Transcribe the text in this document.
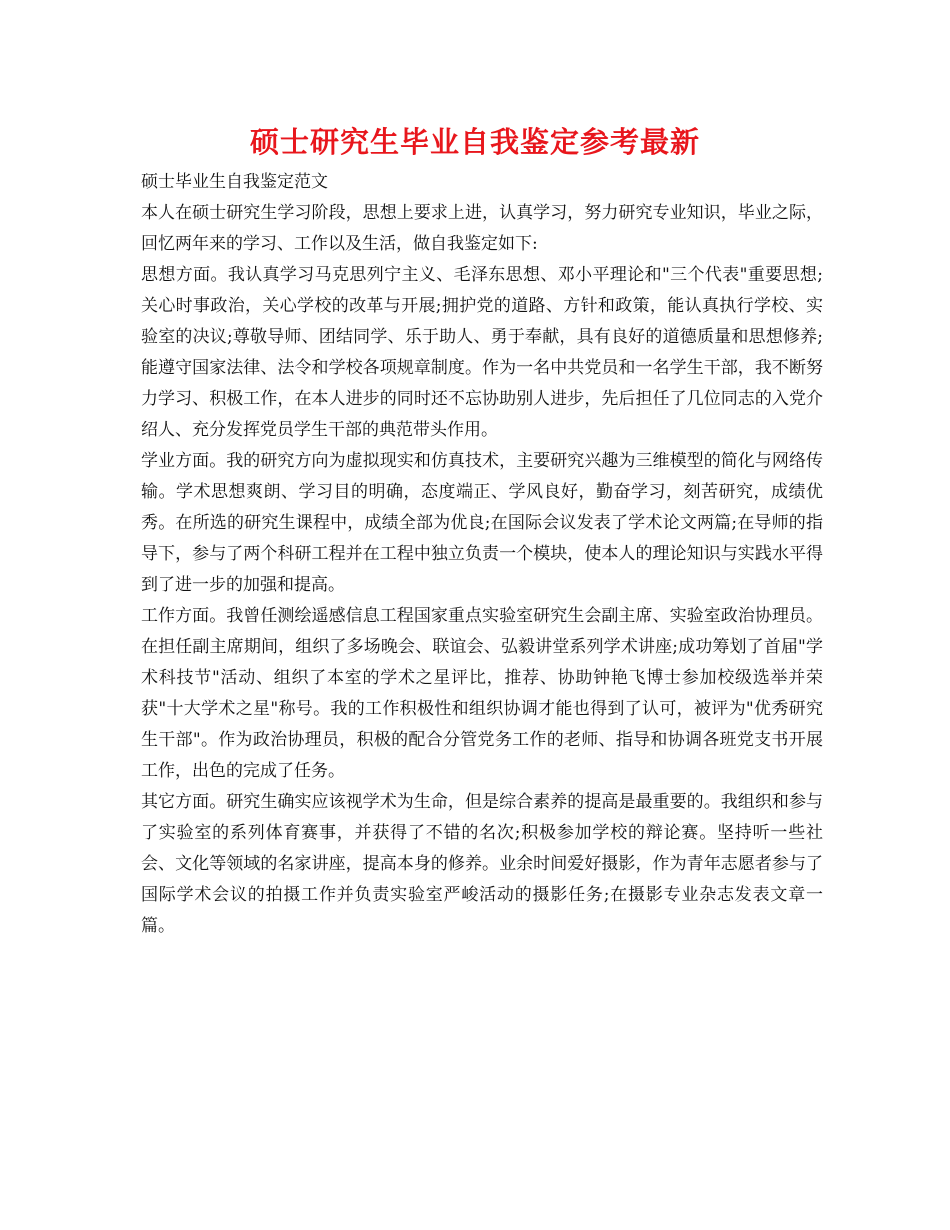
硕士研究生毕业自我鉴定参考最新

硕士毕业生自我鉴定范文

本人在硕士研究生学习阶段，思想上要求上进，认真学习，努力研究专业知识，毕业之际，回忆两年来的学习、工作以及生活，做自我鉴定如下:

思想方面。我认真学习马克思列宁主义、毛泽东思想、邓小平理论和"三个代表"重要思想;关心时事政治，关心学校的改革与开展;拥护党的道路、方针和政策，能认真执行学校、实验室的决议;尊敬导师、团结同学、乐于助人、勇于奉献，具有良好的道德质量和思想修养;能遵守国家法律、法令和学校各项规章制度。作为一名中共党员和一名学生干部，我不断努力学习、积极工作，在本人进步的同时还不忘协助别人进步，先后担任了几位同志的入党介绍人、充分发挥党员学生干部的典范带头作用。

学业方面。我的研究方向为虚拟现实和仿真技术，主要研究兴趣为三维模型的简化与网络传输。学术思想爽朗、学习目的明确，态度端正、学风良好，勤奋学习，刻苦研究，成绩优秀。在所选的研究生课程中，成绩全部为优良;在国际会议发表了学术论文两篇;在导师的指导下，参与了两个科研工程并在工程中独立负责一个模块，使本人的理论知识与实践水平得到了进一步的加强和提高。

工作方面。我曾任测绘遥感信息工程国家重点实验室研究生会副主席、实验室政治协理员。在担任副主席期间，组织了多场晚会、联谊会、弘毅讲堂系列学术讲座;成功筹划了首届"学术科技节"活动、组织了本室的学术之星评比，推荐、协助钟艳飞博士参加校级选举并荣获"十大学术之星"称号。我的工作积极性和组织协调才能也得到了认可，被评为"优秀研究生干部"。作为政治协理员，积极的配合分管党务工作的老师、指导和协调各班党支书开展工作，出色的完成了任务。

其它方面。研究生确实应该视学术为生命，但是综合素养的提高是最重要的。我组织和参与了实验室的系列体育赛事，并获得了不错的名次;积极参加学校的辩论赛。坚持听一些社会、文化等领域的名家讲座，提高本身的修养。业余时间爱好摄影，作为青年志愿者参与了国际学术会议的拍摄工作并负责实验室严峻活动的摄影任务;在摄影专业杂志发表文章一篇。
